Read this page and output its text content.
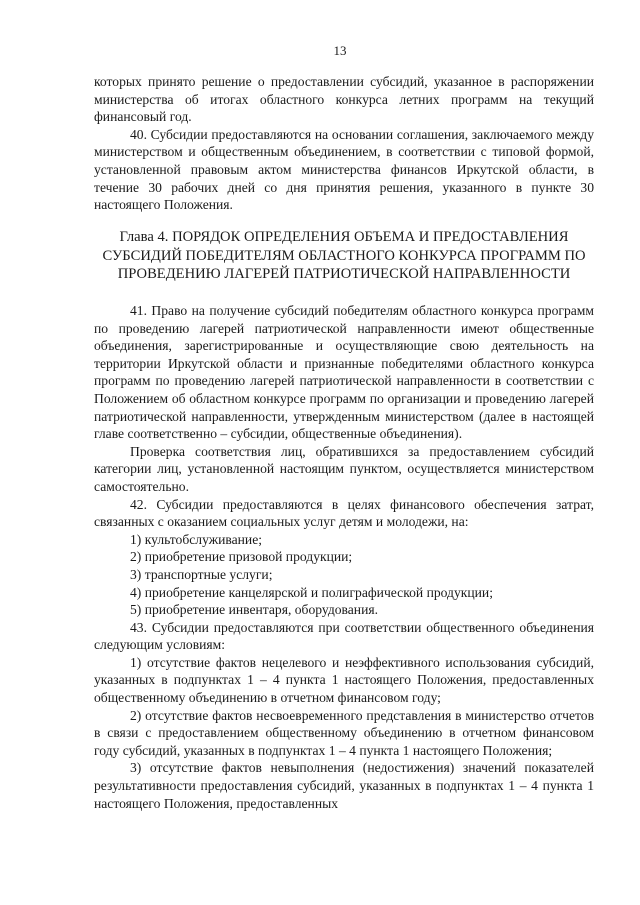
13

которых принято решение о предоставлении субсидий, указанное в распоряжении министерства об итогах областного конкурса летних программ на текущий финансовый год.

40. Субсидии предоставляются на основании соглашения, заключаемого между министерством и общественным объединением, в соответствии с типовой формой, установленной правовым актом министерства финансов Иркутской области, в течение 30 рабочих дней со дня принятия решения, указанного в пункте 30 настоящего Положения.

Глава 4. ПОРЯДОК ОПРЕДЕЛЕНИЯ ОБЪЕМА И ПРЕДОСТАВЛЕНИЯ СУБСИДИЙ ПОБЕДИТЕЛЯМ ОБЛАСТНОГО КОНКУРСА ПРОГРАММ ПО ПРОВЕДЕНИЮ ЛАГЕРЕЙ ПАТРИОТИЧЕСКОЙ НАПРАВЛЕННОСТИ

41. Право на получение субсидий победителям областного конкурса программ по проведению лагерей патриотической направленности имеют общественные объединения, зарегистрированные и осуществляющие свою деятельность на территории Иркутской области и признанные победителями областного конкурса программ по проведению лагерей патриотической направленности в соответствии с Положением об областном конкурсе программ по организации и проведению лагерей патриотической направленности, утвержденным министерством (далее в настоящей главе соответственно – субсидии, общественные объединения).

Проверка соответствия лиц, обратившихся за предоставлением субсидий категории лиц, установленной настоящим пунктом, осуществляется министерством самостоятельно.

42. Субсидии предоставляются в целях финансового обеспечения затрат, связанных с оказанием социальных услуг детям и молодежи, на:

1) культобслуживание;

2) приобретение призовой продукции;

3) транспортные услуги;

4) приобретение канцелярской и полиграфической продукции;

5) приобретение инвентаря, оборудования.

43. Субсидии предоставляются при соответствии общественного объединения следующим условиям:

1) отсутствие фактов нецелевого и неэффективного использования субсидий, указанных в подпунктах 1 – 4 пункта 1 настоящего Положения, предоставленных общественному объединению в отчетном финансовом году;

2) отсутствие фактов несвоевременного представления в министерство отчетов в связи с предоставлением общественному объединению в отчетном финансовом году субсидий, указанных в подпунктах 1 – 4 пункта 1 настоящего Положения;

3) отсутствие фактов невыполнения (недостижения) значений показателей результативности предоставления субсидий, указанных в подпунктах 1 – 4 пункта 1 настоящего Положения, предоставленных
